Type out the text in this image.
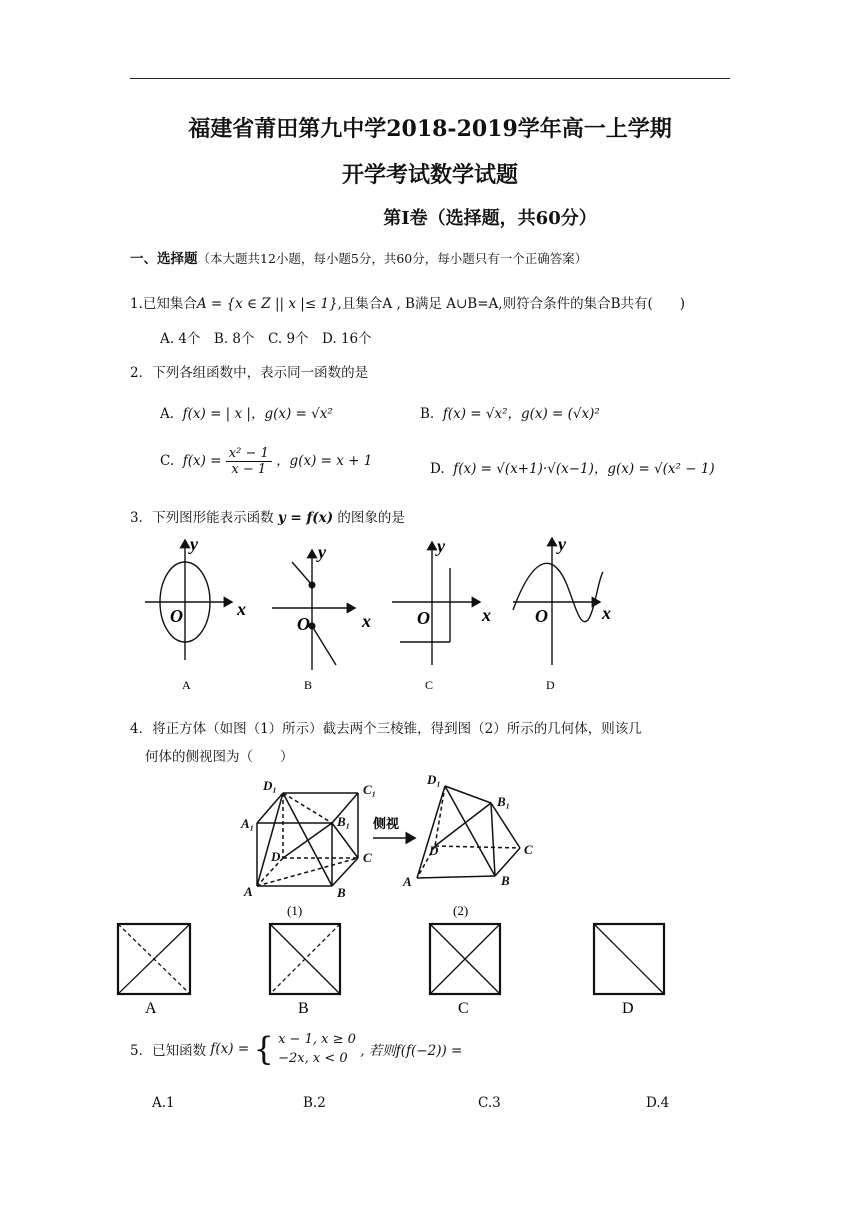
福建省莆田第九中学2018-2019学年高一上学期
开学考试数学试题
第Ⅰ卷（选择题，共60分）
一、选择题（本大题共12小题，每小题5分，共60分，每小题只有一个正确答案）
1.已知集合A = {x ∈ Z || x |≤ 1},且集合A , B满足 A∪B=A,则符合条件的集合B共有(　　)
A. 4个　B. 8个　C. 9个　D. 16个
2．下列各组函数中，表示同一函数的是
A. f(x) = | x |，g(x) = √x²	B. f(x) = √x²，g(x) = (√x)²
C. $f(x) = \frac{\text{x² − 1}}{x - 1}$ ，g(x) = x + 1	D. f(x) = √(x+1)·√(x−1)，g(x) = √(x² − 1)
3．下列图形能表示函数 y = f(x) 的图象的是
y
x
O
A
y
x
O
B
y
x
O
C
y
x
O
D
4．将正方体（如图（1）所示）截去两个三棱锥，得到图（2）所示的几何体，则该几
何体的侧视图为（　　）
D₁	C₁
A₁	B₁
D	C
A	B
(1)
侧视
D₁
B₁
D	C
A	B
(2)
A	B	C	D
5．已知函数 f(x) = { x − 1, x ≥ 0
−2x, x < 0 , 若则f(f(−2)) =
A.1	B.2	C.3	D.4
